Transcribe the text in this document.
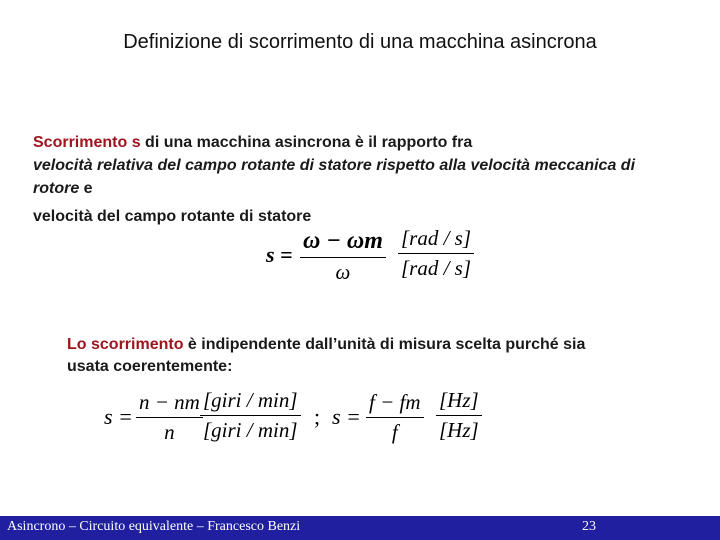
Definizione di scorrimento di una macchina asincrona
Scorrimento s di una macchina asincrona è il rapporto fra
velocità relativa del campo rotante di statore rispetto alla velocità meccanica di rotore e
velocità del campo rotante di statore
$s = \frac{\omega - \omega m}{\omega} [rad / s]$
[rad / s]
Lo scorrimento è indipendente dall’unità di misura scelta purché sia usata coerentemente:
$s = \frac{n - nm}{n}$ [giri / min]
[giri / min]
; $s = \frac{f - fm}{f} \frac{[Hz]}{[Hz]}$
Asincrono – Circuito equivalente – Francesco Benzi	23
